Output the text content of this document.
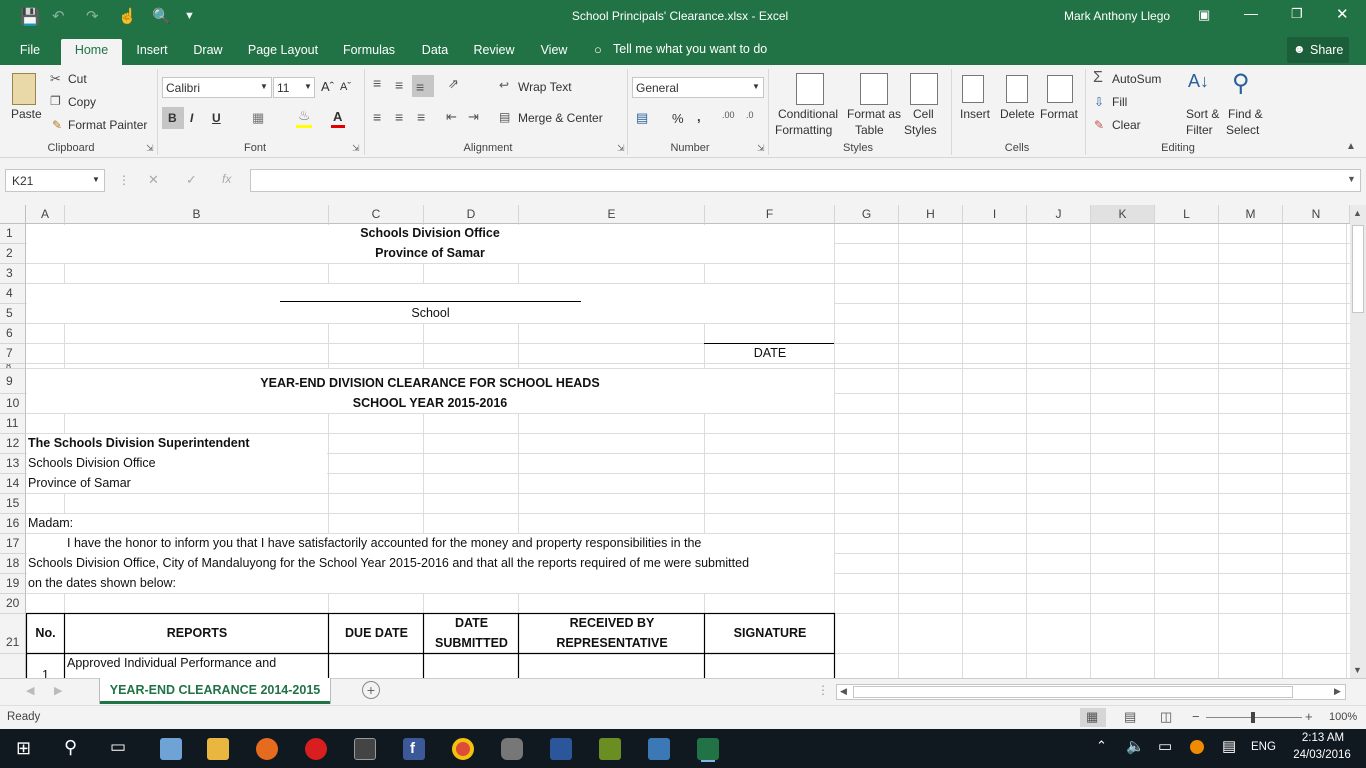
💾 ↶ ↷ ☝ 🔍 ▼	School Principals' Clearance.xlsx - Excel	Mark Anthony Llego ▣ —	❐ ✕
File	Home	Insert	Draw	Page Layout	Formulas	Data	Review	View	○ Tell me what you want to do	☻ Share
Paste
✂ Cut
❐ Copy
✎ Format Painter
Clipboard	⇲
Calibri	▼ 11 ▼ Aˆ Aˇ
B I U ▦ ♨ A
Font	⇲
≡ ≡ ≡ ⇗	↩ Wrap Text
≡ ≡ ≡ ⇤ ⇥ ▤ Merge & Center
Alignment	⇲
General	▼
▤ % , .00 .0
Number	⇲
Conditional
Formatting
Format as
Table
Cell
Styles
Styles
Insert Delete Format
Cells
Σ AutoSum
⇩ Fill
✎ Clear
A↓
Sort &
Filter
⚲
Find &
Select
Editing	▲
K21	▼ ⋮ ✕ ✓ fx	▼
A	B	C	D	E	F	G	H	I	J	K	L	M	N
1
2
3
4
5
6
7
8
9
10
11
12
13
14
15
16
17
18
19
20
21
Schools Division Office
Province of Samar
School
DATE
YEAR-END DIVISION CLEARANCE FOR SCHOOL HEADS
SCHOOL YEAR 2015-2016
The Schools Division Superintendent
Schools Division Office
Province of Samar
Madam:
I have the honor to inform you that I have satisfactorily accounted for the money and property responsibilities in the
Schools Division Office, City of Mandaluyong for the School Year 2015-2016 and that all the reports required of me were submitted
on the dates shown below:
No.	REPORTS	DUE DATE
DATE
SUBMITTED
RECEIVED BY
REPRESENTATIVE
SIGNATURE
1
Approved Individual Performance and
▲
▼
◀ ▶	YEAR-END CLEARANCE 2014-2015	+	⋮ ◀	▶
Ready	▦ ▤ ◫ −	+ 100%
⊞ ⚲ ▭	f	⌃ 🔈 ▭	▤ ENG
2:13 AM
24/03/2016
